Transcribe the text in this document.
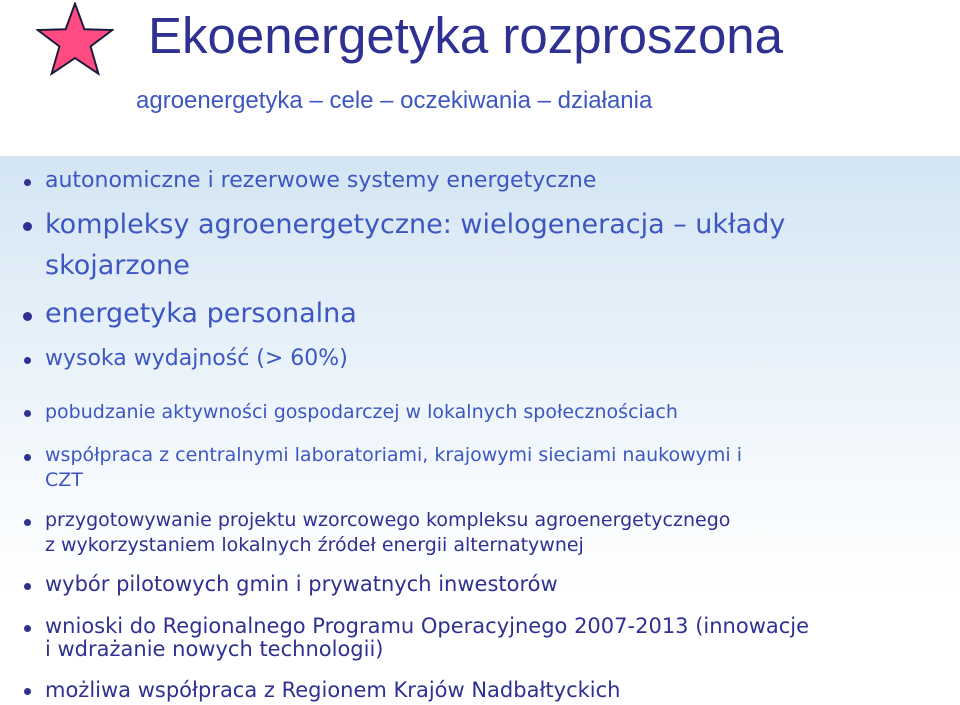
Ekoenergetyka rozproszona
agroenergetyka – cele – oczekiwania – działania

autonomiczne i rezerwowe systemy energetyczne

kompleksy agroenergetyczne: wielogeneracja – układy

skojarzone

energetyka personalna

wysoka wydajność (> 60%)

pobudzanie aktywności gospodarczej w lokalnych społecznościach

współpraca z centralnymi laboratoriami, krajowymi sieciami naukowymi i

CZT

przygotowywanie projektu wzorcowego kompleksu agroenergetycznego

z wykorzystaniem lokalnych źródeł energii alternatywnej

wybór pilotowych gmin i prywatnych inwestorów

wnioski do Regionalnego Programu Operacyjnego 2007-2013 (innowacje

i wdrażanie nowych technologii)

możliwa współpraca z Regionem Krajów Nadbałtyckich
